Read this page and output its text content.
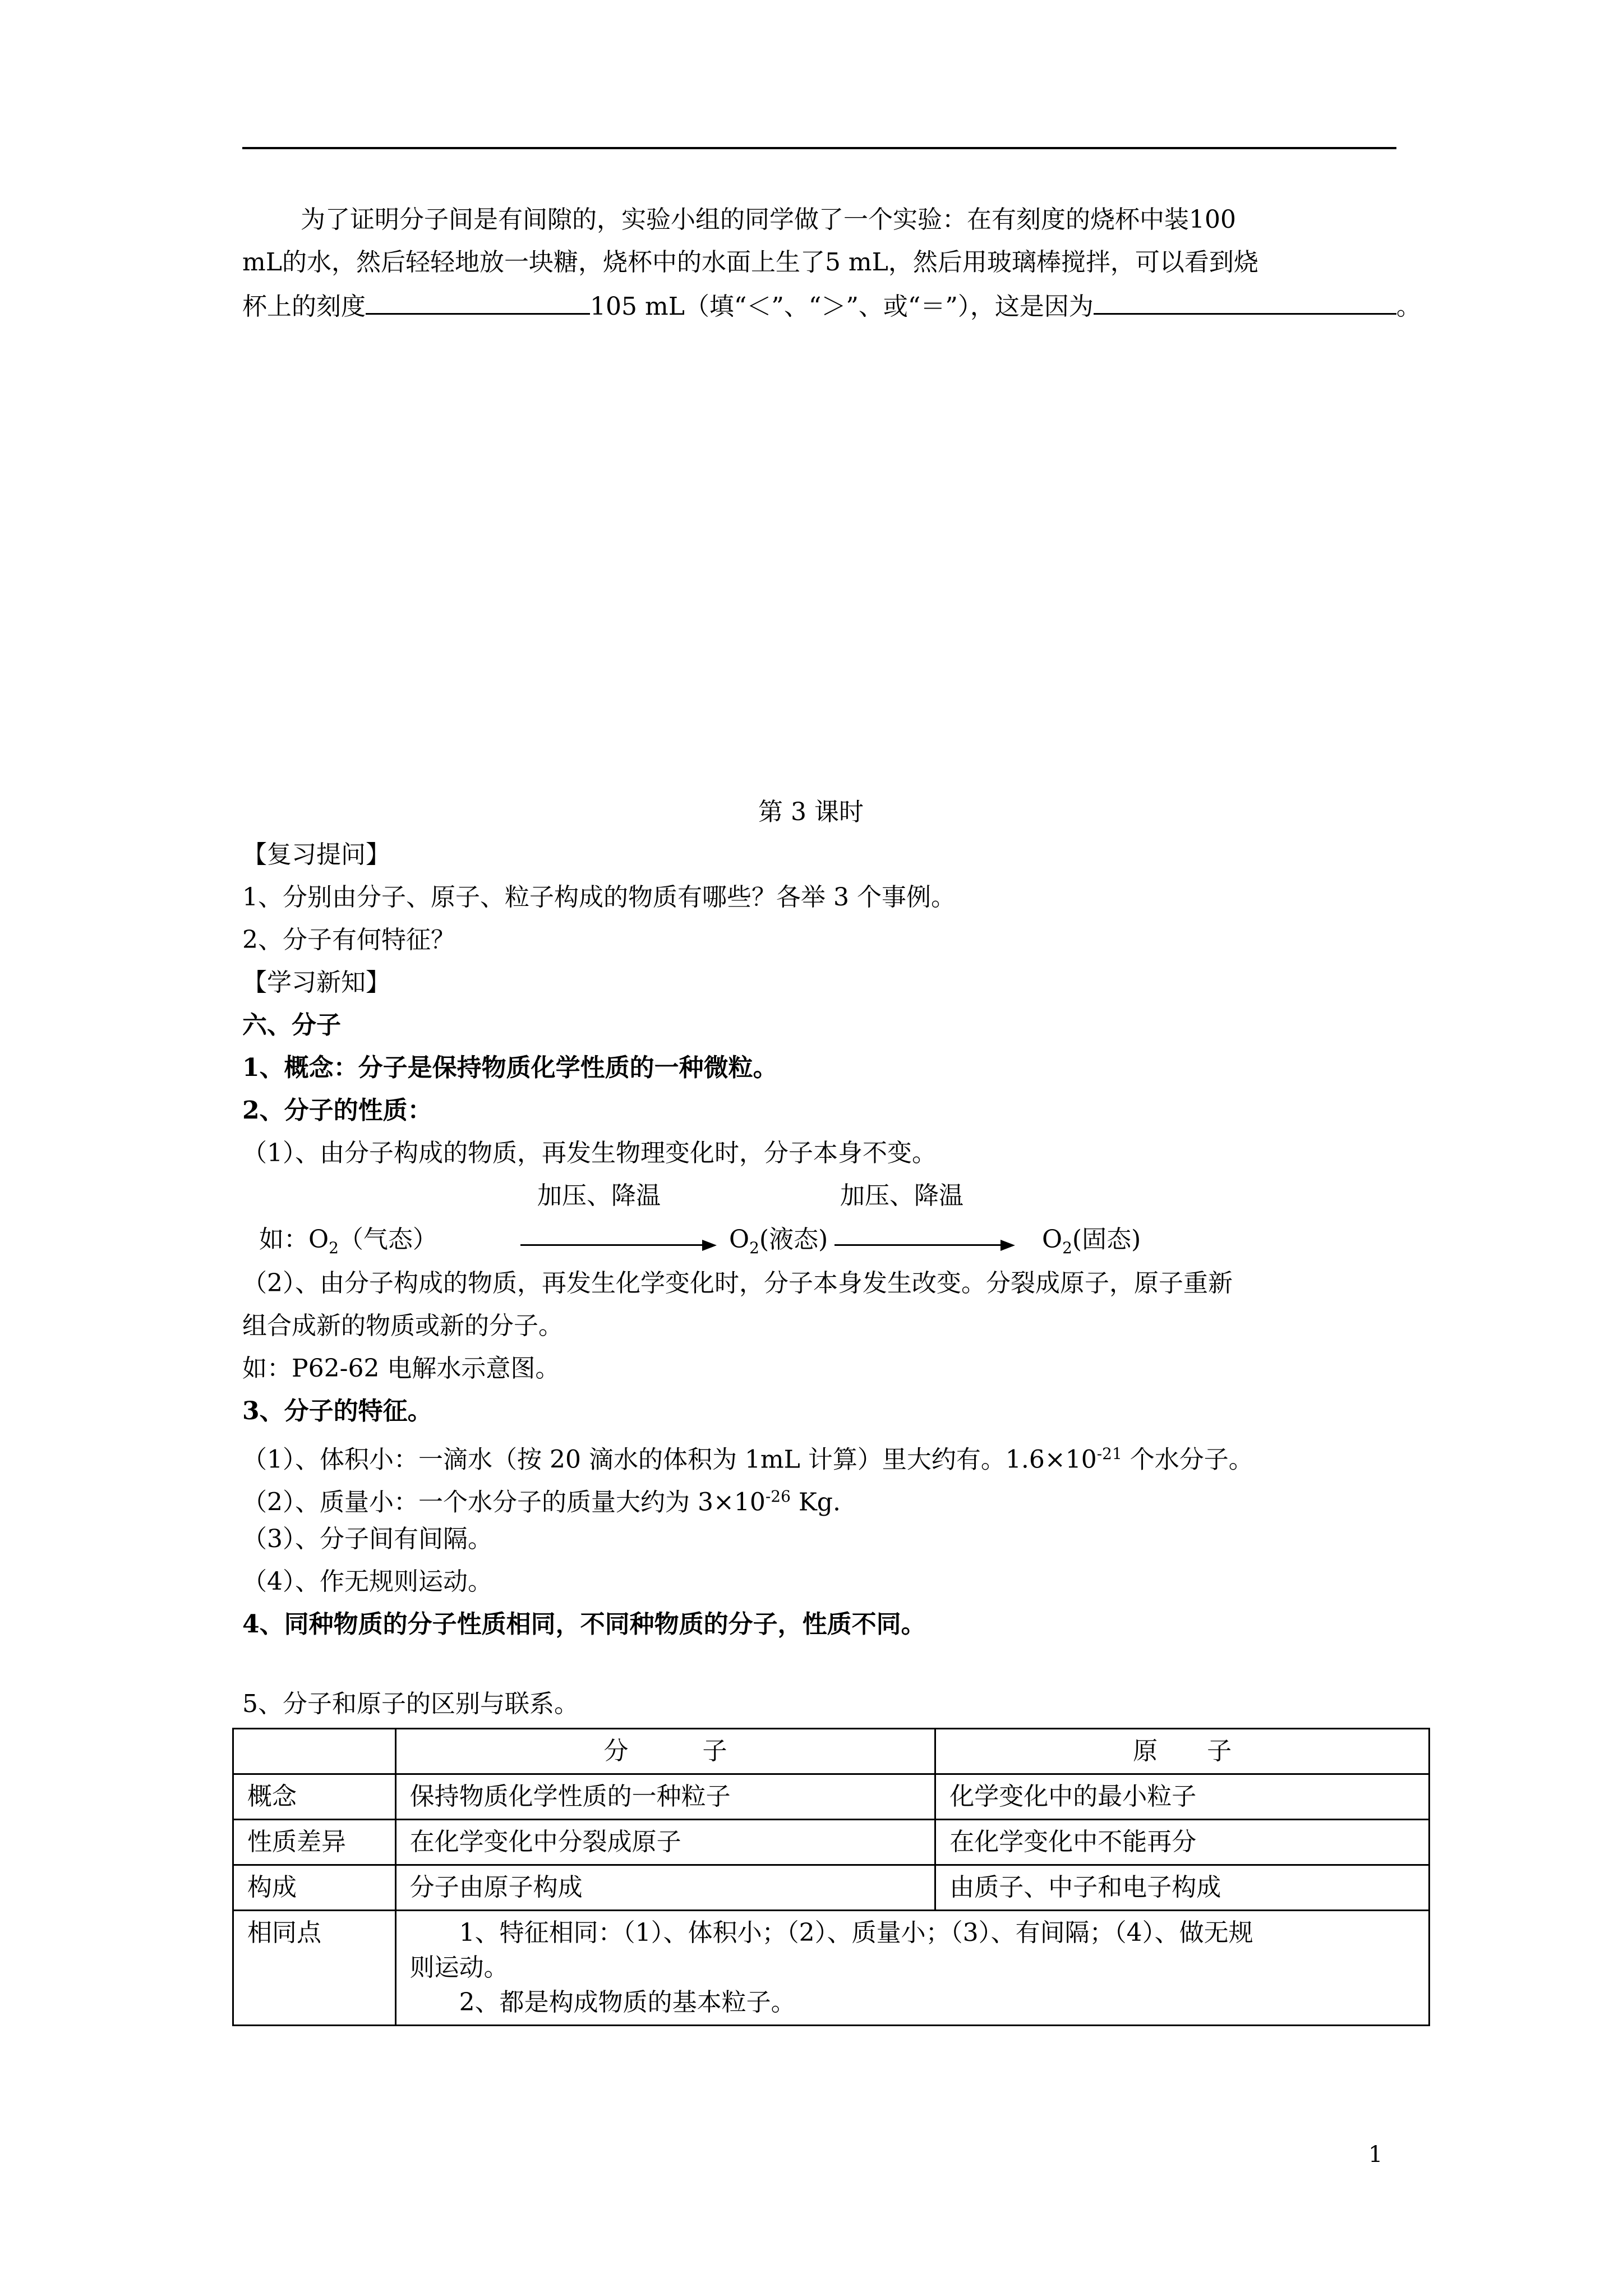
为了证明分子间是有间隙的，实验小组的同学做了一个实验：在有刻度的烧杯中装100
mL的水，然后轻轻地放一块糖，烧杯中的水面上生了5 mL，然后用玻璃棒搅拌，可以看到烧
杯上的刻度	105 mL（填“＜”、“＞”、或“＝”），这是因为	。
第 3 课时
【复习提问】
1、分别由分子、原子、粒子构成的物质有哪些？各举 3 个事例。
2、分子有何特征？
【学习新知】
六、分子
1、概念：分子是保持物质化学性质的一种微粒。
2、分子的性质：
（1）、由分子构成的物质，再发生物理变化时，分子本身不变。
加压、降温	加压、降温
如：$O_2$（气态）	$O_2$(液态)	$O_2$(固态)
（2）、由分子构成的物质，再发生化学变化时，分子本身发生改变。分裂成原子，原子重新
组合成新的物质或新的分子。
如：P62-62 电解水示意图。
3、分子的特征。
（1）、体积小：一滴水（按 20 滴水的体积为 1mL 计算）里大约有。$1.6\times 10^{-21}$ 个水分子。
（2）、质量小：一个水分子的质量大约为 $3\times 10^{-26}$ Kg.
（3）、分子间有间隔。
（4）、作无规则运动。
4、同种物质的分子性质相同，不同种物质的分子，性质不同。
5、分子和原子的区别与联系。
	分　　　子	原　　子
概念	保持物质化学性质的一种粒子	化学变化中的最小粒子
性质差异	在化学变化中分裂成原子	在化学变化中不能再分
构成	分子由原子构成	由质子、中子和电子构成
相同点	1、特征相同：（1）、体积小；（2）、质量小；（3）、有间隔；（4）、做无规
则运动。
2、都是构成物质的基本粒子。	
1
